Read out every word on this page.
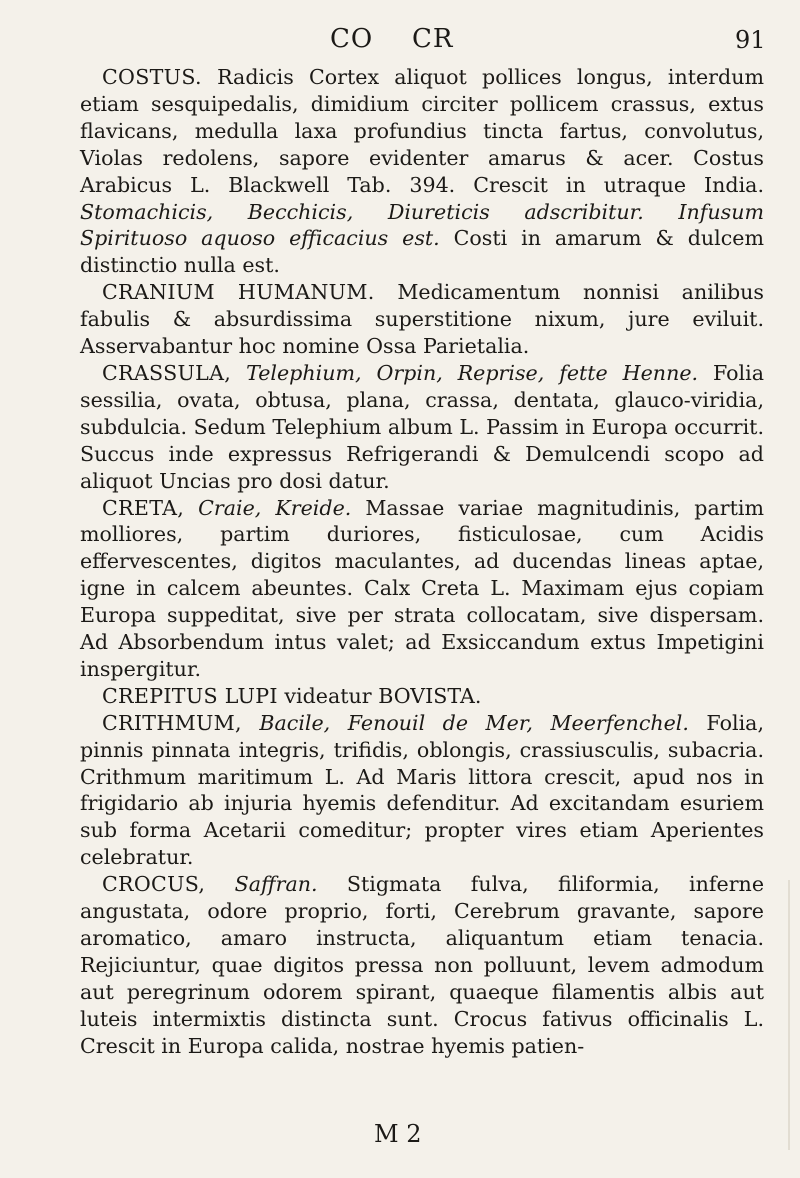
CO CR	91

COSTUS. Radicis Cortex aliquot pollices longus, interdum etiam sesquipedalis, dimidium circiter pollicem crassus, extus flavicans, medulla laxa profundius tincta fartus, convolutus, Violas redolens, sapore evidenter amarus & acer. Costus Arabicus L. Blackwell Tab. 394. Crescit in utraque India. Stomachicis, Becchicis, Diureticis adscribitur. Infusum Spirituoso aquoso efficacius est. Costi in amarum & dulcem distinctio nulla est.

CRANIUM HUMANUM. Medicamentum nonnisi anilibus fabulis & absurdissima superstitione nixum, jure eviluit. Asservabantur hoc nomine Ossa Parietalia.

CRASSULA, Telephium, Orpin, Reprise, fette Henne. Folia sessilia, ovata, obtusa, plana, crassa, dentata, glauco-viridia, subdulcia. Sedum Telephium album L. Passim in Europa occurrit. Succus inde expressus Refrigerandi & Demulcendi scopo ad aliquot Uncias pro dosi datur.

CRETA, Craie, Kreide. Massae variae magnitudinis, partim molliores, partim duriores, fisticulosae, cum Acidis effervescentes, digitos maculantes, ad ducendas lineas aptae, igne in calcem abeuntes. Calx Creta L. Maximam ejus copiam Europa suppeditat, sive per strata collocatam, sive dispersam. Ad Absorbendum intus valet; ad Exsiccandum extus Impetigini inspergitur.

CREPITUS LUPI videatur BOVISTA.

CRITHMUM, Bacile, Fenouil de Mer, Meerfenchel. Folia, pinnis pinnata integris, trifidis, oblongis, crassiusculis, subacria. Crithmum maritimum L. Ad Maris littora crescit, apud nos in frigidario ab injuria hyemis defenditur. Ad excitandam esuriem sub forma Acetarii comeditur; propter vires etiam Aperientes celebratur.

CROCUS, Saffran. Stigmata fulva, filiformia, inferne angustata, odore proprio, forti, Cerebrum gravante, sapore aromatico, amaro instructa, aliquantum etiam tenacia. Rejiciuntur, quae digitos pressa non polluunt, levem admodum aut peregrinum odorem spirant, quaeque filamentis albis aut luteis intermixtis distincta sunt. Crocus fativus officinalis L. Crescit in Europa calida, nostrae hyemis patien-

M 2
